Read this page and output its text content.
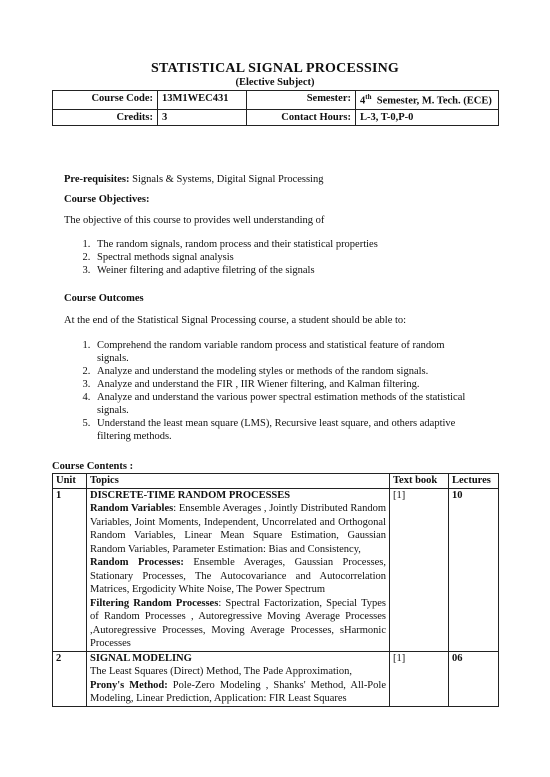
STATISTICAL SIGNAL PROCESSING
(Elective Subject)
Course Code:	13M1WEC431	Semester:	4th Semester, M. Tech. (ECE)
Credits:	3	Contact Hours:	L-3, T-0,P-0
Pre-requisites: Signals & Systems, Digital Signal Processing
Course Objectives:
The objective of this course to provides well understanding of
1. The random signals, random process and their statistical properties
2. Spectral methods signal analysis
3. Weiner filtering and adaptive filetring of the signals
Course Outcomes
At the end of the Statistical Signal Processing course, a student should be able to:
1. Comprehend the random variable random process and statistical feature of random signals.
2. Analyze and understand the modeling styles or methods of the random signals.
3. Analyze and understand the FIR , IIR Wiener filtering, and Kalman filtering.
4. Analyze and understand the various power spectral estimation methods of the statistical signals.
5. Understand the least mean square (LMS), Recursive least square, and others adaptive filtering methods.
Course Contents :
Unit	Topics	Text book	Lectures
1	DISCRETE-TIME RANDOM PROCESSES
Random Variables: Ensemble Averages , Jointly Distributed Random Variables, Joint Moments, Independent, Uncorrelated and Orthogonal Random Variables, Linear Mean Square Estimation, Gaussian Random Variables, Parameter Estimation: Bias and Consistency,
Random Processes: Ensemble Averages, Gaussian Processes, Stationary Processes, The Autocovariance and Autocorrelation Matrices, Ergodicity White Noise, The Power Spectrum
Filtering Random Processes: Spectral Factorization, Special Types of Random Processes , Autoregressive Moving Average Processes ,Autoregressive Processes, Moving Average Processes, sHarmonic Processes	[1]	10
2	SIGNAL MODELING
The Least Squares (Direct) Method, The Pade Approximation,
Prony's Method: Pole-Zero Modeling , Shanks' Method, All-Pole Modeling, Linear Prediction, Application: FIR Least Squares	[1]	06
